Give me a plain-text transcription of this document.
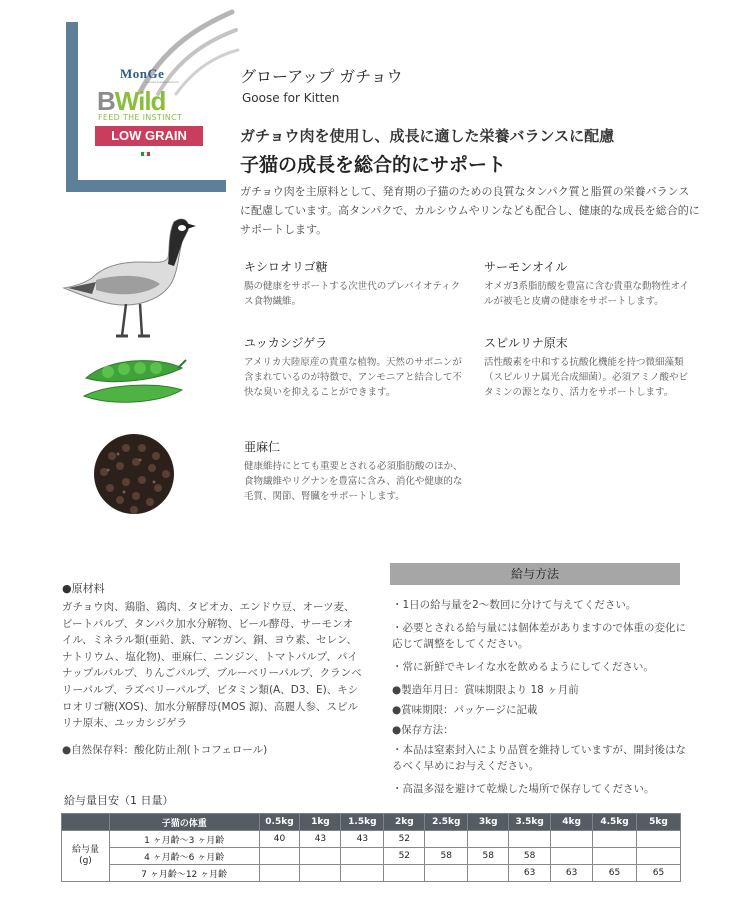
MonGe
natural superpremium
BWild
FEED THE INSTINCT
LOW GRAIN
グローアップ ガチョウ
Goose for Kitten
ガチョウ肉を使用し、成長に適した栄養バランスに配慮
子猫の成長を総合的にサポート

ガチョウ肉を主原料として、発育期の子猫のための良質なタンパク質と脂質の栄養バランスに配慮しています。高タンパクで、カルシウムやリンなども配合し、健康的な成長を総合的にサポートします。

キシロオリゴ糖
腸の健康をサポートする次世代のプレバイオティクス食物繊維。
サーモンオイル
オメガ3系脂肪酸を豊富に含む貴重な動物性オイルが被毛と皮膚の健康をサポートします。
ユッカシジゲラ
アメリカ大陸原産の貴重な植物。天然のサポニンが含まれているのが特徴で、アンモニアと結合して不快な臭いを抑えることができます。
スピルリナ原末
活性酸素を中和する抗酸化機能を持つ微細藻類（スピルリナ属光合成細菌）。必須アミノ酸やビタミンの源となり、活力をサポートします。
亜麻仁
健康維持にとても重要とされる必須脂肪酸のほか、食物繊維やリグナンを豊富に含み、消化や健康的な毛質、関節、腎臓をサポートします。
●原材料

ガチョウ肉、鶏脂、鶏肉、タピオカ、エンドウ豆、オーツ麦、ビートパルプ、タンパク加水分解物、ビール酵母、サーモンオイル、ミネラル類(亜鉛、鉄、マンガン、銅、ヨウ素、セレン、ナトリウム、塩化物)、亜麻仁、ニンジン、トマトパルプ、パイナップルパルプ、りんごパルプ、ブルーベリーパルプ、クランベリーパルプ、ラズベリーパルプ、ビタミン類(A、D3、E)、キシロオリゴ糖(XOS)、加水分解酵母(MOS 源)、高麗人参、スピルリナ原末、ユッカシジゲラ

●自然保存料：酸化防止剤(トコフェロール)
給与方法
・1日の給与量を2〜数回に分けて与えてください。
・必要とされる給与量には個体差がありますので体重の変化に応じて調整をしてください。
・常に新鮮でキレイな水を飲めるようにしてください。
●製造年月日：賞味期限より 18 ヶ月前
●賞味期限：パッケージに記載
●保存方法：
・本品は窒素封入により品質を維持していますが、開封後はなるべく早めにお与えください。
・高温多湿を避けて乾燥した場所で保存してください。
給与量目安（1 日量）
	子猫の体重	0.5kg	1kg	1.5kg	2kg	2.5kg	3kg	3.5kg	4kg	4.5kg	5kg
給与量
(g)	1 ヶ月齢〜3 ヶ月齢	40	43	43	52						
	4 ヶ月齢〜6 ヶ月齢				52	58	58	58			
	7 ヶ月齢〜12 ヶ月齢							63	63	65	65
